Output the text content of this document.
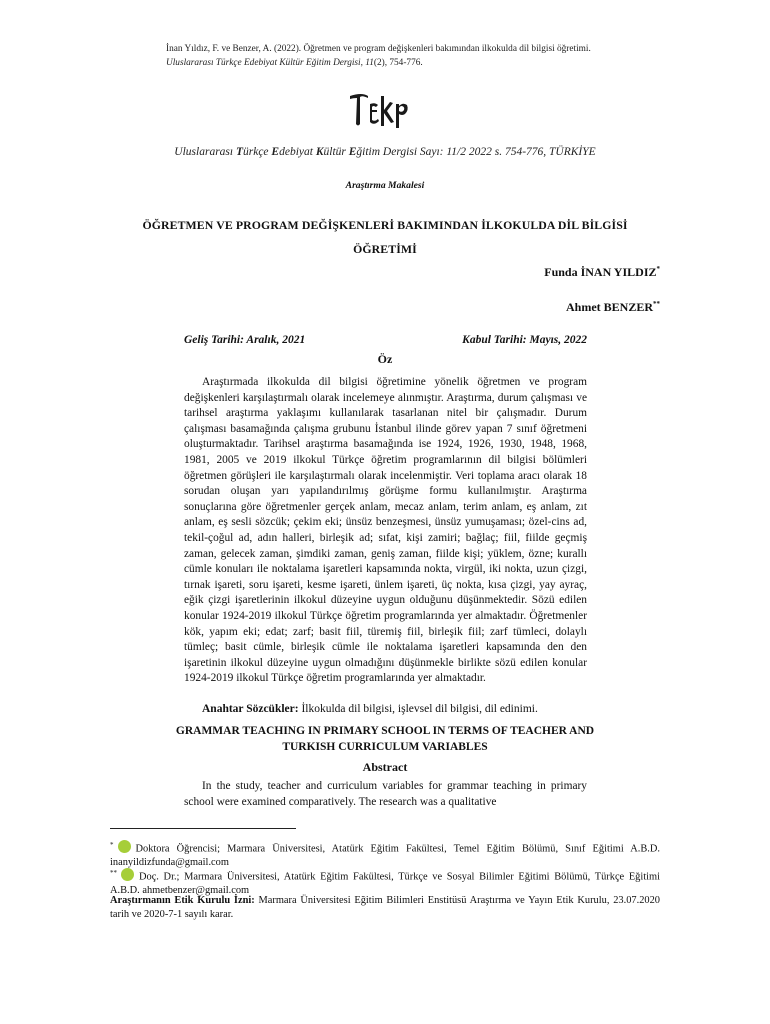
İnan Yıldız, F. ve Benzer, A. (2022). Öğretmen ve program değişkenleri bakımından ilkokulda dil bilgisi öğretimi. Uluslararası Türkçe Edebiyat Kültür Eğitim Dergisi, 11(2), 754-776.
Uluslararası Türkçe Edebiyat Kültür Eğitim Dergisi Sayı: 11/2 2022 s. 754-776, TÜRKİYE
Araştırma Makalesi
ÖĞRETMEN VE PROGRAM DEĞİŞKENLERİ BAKIMINDAN İLKOKULDA DİL BİLGİSİ ÖĞRETİMİ
Funda İNAN YILDIZ*
Ahmet BENZER**
Geliş Tarihi: Aralık, 2021	Kabul Tarihi: Mayıs, 2022
Öz
Araştırmada ilkokulda dil bilgisi öğretimine yönelik öğretmen ve program değişkenleri karşılaştırmalı olarak incelemeye alınmıştır. Araştırma, durum çalışması ve tarihsel araştırma yaklaşımı kullanılarak tasarlanan nitel bir çalışmadır. Durum çalışması basamağında çalışma grubunu İstanbul ilinde görev yapan 7 sınıf öğretmeni oluşturmaktadır. Tarihsel araştırma basamağında ise 1924, 1926, 1930, 1948, 1968, 1981, 2005 ve 2019 ilkokul Türkçe öğretim programlarının dil bilgisi bölümleri öğretmen görüşleri ile karşılaştırmalı olarak incelenmiştir. Veri toplama aracı olarak 18 sorudan oluşan yarı yapılandırılmış görüşme formu kullanılmıştır. Araştırma sonuçlarına göre öğretmenler gerçek anlam, mecaz anlam, terim anlam, eş anlam, zıt anlam, eş sesli sözcük; çekim eki; ünsüz benzeşmesi, ünsüz yumuşaması; özel-cins ad, tekil-çoğul ad, adın halleri, birleşik ad; sıfat, kişi zamiri; bağlaç; fiil, fiilde geçmiş zaman, gelecek zaman, şimdiki zaman, geniş zaman, fiilde kişi; yüklem, özne; kurallı cümle konuları ile noktalama işaretleri kapsamında nokta, virgül, iki nokta, uzun çizgi, tırnak işareti, soru işareti, kesme işareti, ünlem işareti, üç nokta, kısa çizgi, yay ayraç, eğik çizgi işaretlerinin ilkokul düzeyine uygun olduğunu düşünmektedir. Sözü edilen konular 1924-2019 ilkokul Türkçe öğretim programlarında yer almaktadır. Öğretmenler kök, yapım eki; edat; zarf; basit fiil, türemiş fiil, birleşik fiil; zarf tümleci, dolaylı tümleç; basit cümle, birleşik cümle ile noktalama işaretleri kapsamında den den işaretinin ilkokul düzeyine uygun olmadığını düşünmekle birlikte sözü edilen konular 1924-2019 ilkokul Türkçe öğretim programlarında yer almaktadır.
Anahtar Sözcükler: İlkokulda dil bilgisi, işlevsel dil bilgisi, dil edinimi.
GRAMMAR TEACHING IN PRIMARY SCHOOL IN TERMS OF TEACHER AND TURKISH CURRICULUM VARIABLES
Abstract
In the study, teacher and curriculum variables for grammar teaching in primary school were examined comparatively. The research was a qualitative
* Doktora Öğrencisi; Marmara Üniversitesi, Atatürk Eğitim Fakültesi, Temel Eğitim Bölümü, Sınıf Eğitimi A.B.D. inanyildizfunda@gmail.com
** Doç. Dr.; Marmara Üniversitesi, Atatürk Eğitim Fakültesi, Türkçe ve Sosyal Bilimler Eğitimi Bölümü, Türkçe Eğitimi A.B.D. ahmetbenzer@gmail.com
Araştırmanın Etik Kurulu İzni: Marmara Üniversitesi Eğitim Bilimleri Enstitüsü Araştırma ve Yayın Etik Kurulu, 23.07.2020 tarih ve 2020-7-1 sayılı karar.
